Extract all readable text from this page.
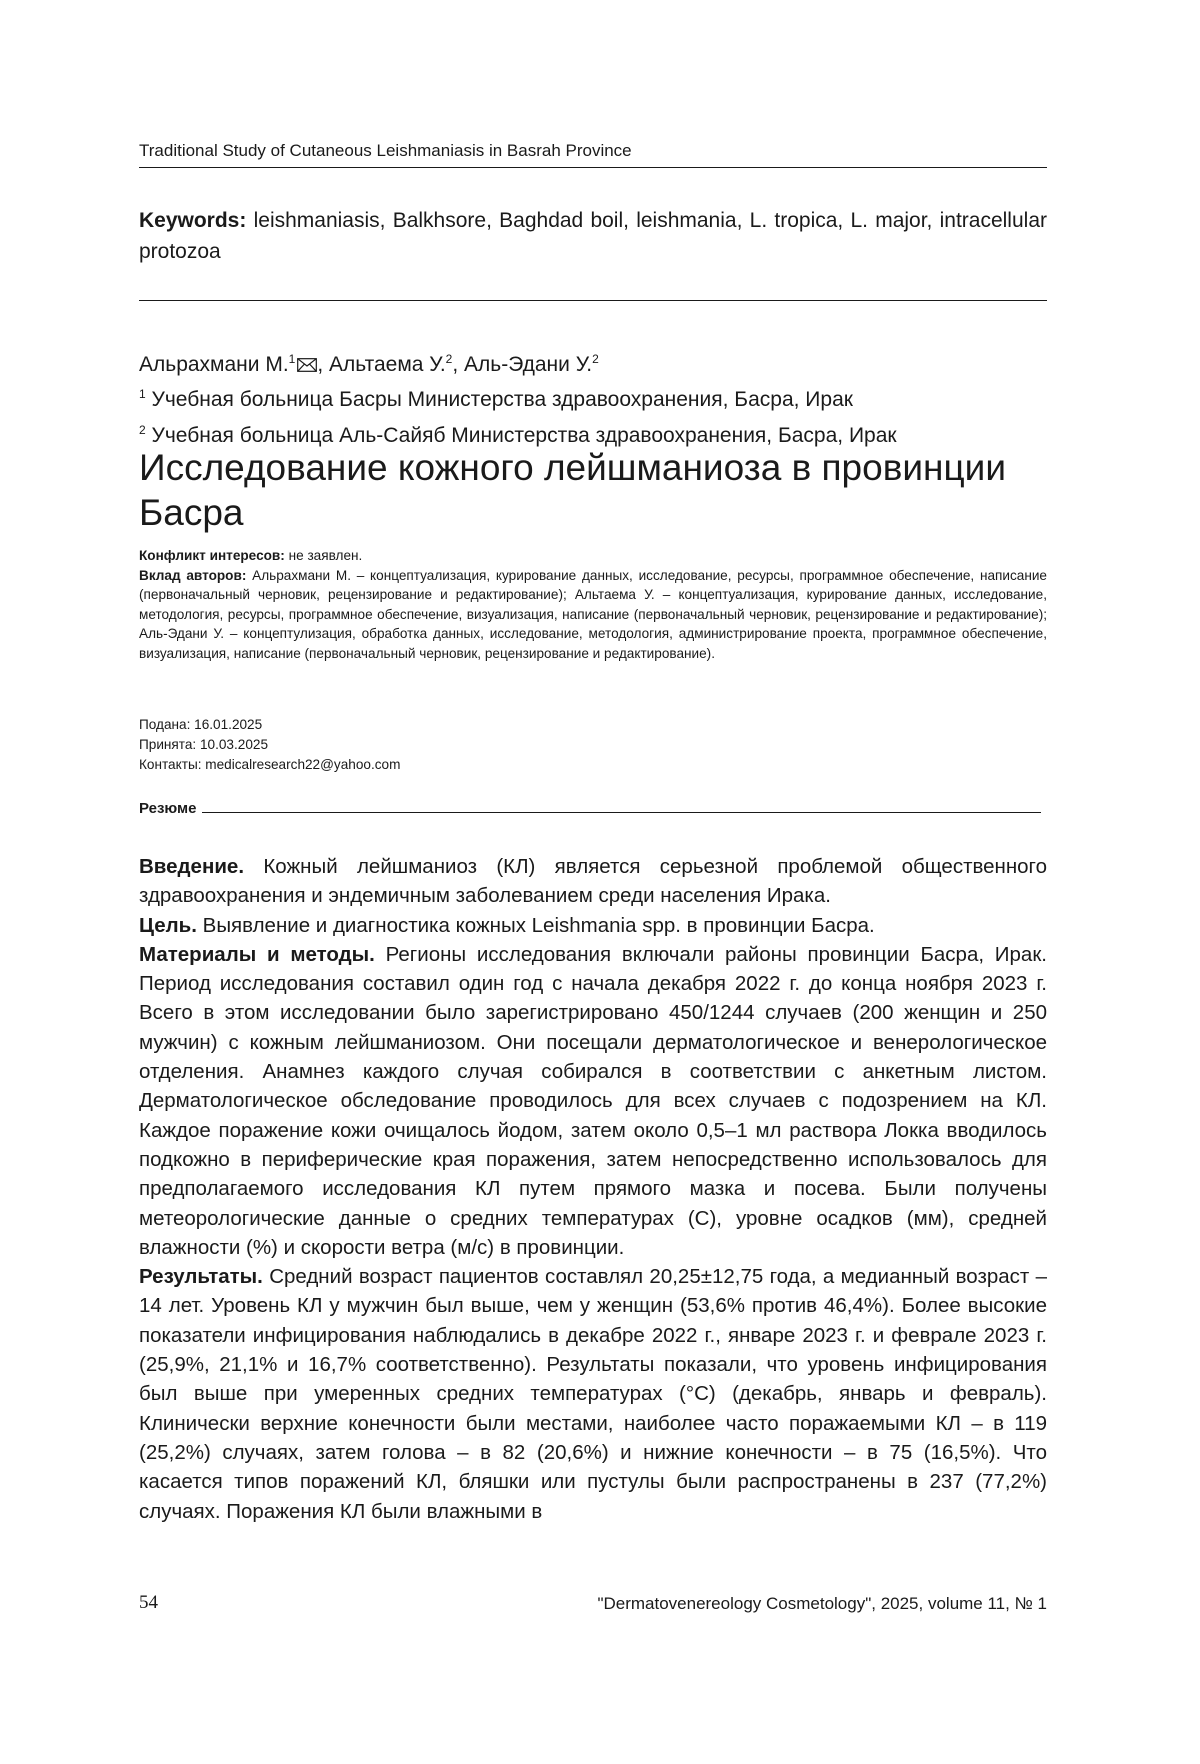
Traditional Study of Cutaneous Leishmaniasis in Basrah Province
Keywords: leishmaniasis, Balkhsore, Baghdad boil, leishmania, L. tropica, L. major, intracellular protozoa
Альрахмани М.$^1$ , Альтаема У.$^2$, Аль-Эдани У.$^2$
$^1$ Учебная больница Басры Министерства здравоохранения, Басра, Ирак
$^2$ Учебная больница Аль-Сайяб Министерства здравоохранения, Басра, Ирак
Исследование кожного лейшманиоза в провинции Басра
Конфликт интересов: не заявлен.
Вклад авторов: Альрахмани М. – концептуализация, курирование данных, исследование, ресурсы, программное обеспечение, написание (первоначальный черновик, рецензирование и редактирование); Альтаема У. – концептуализация, курирование данных, исследование, методология, ресурсы, программное обеспечение, визуализация, написание (первоначальный черновик, рецензирование и редактирование); Аль-Эдани У. – концептулизация, обработка данных, исследование, методология, администрирование проекта, программное обеспечение, визуализация, написание (первоначальный черновик, рецензирование и редактирование).
Подана: 16.01.2025
Принята: 10.03.2025
Контакты: medicalresearch22@yahoo.com
Резюме

Введение. Кожный лейшманиоз (КЛ) является серьезной проблемой общественного здравоохранения и эндемичным заболеванием среди населения Ирака.

Цель. Выявление и диагностика кожных Leishmania spp. в провинции Басра.

Материалы и методы. Регионы исследования включали районы провинции Басра, Ирак. Период исследования составил один год с начала декабря 2022 г. до конца ноября 2023 г. Всего в этом исследовании было зарегистрировано 450/1244 случаев (200 женщин и 250 мужчин) с кожным лейшманиозом. Они посещали дерматологическое и венерологическое отделения. Анамнез каждого случая собирался в соответствии с анкетным листом. Дерматологическое обследование проводилось для всех случаев с подозрением на КЛ. Каждое поражение кожи очищалось йодом, затем около 0,5–1 мл раствора Локка вводилось подкожно в периферические края поражения, затем непосредственно использовалось для предполагаемого исследования КЛ путем прямого мазка и посева. Были получены метеорологические данные о средних температурах (С), уровне осадков (мм), средней влажности (%) и скорости ветра (м/с) в провинции.

Результаты. Средний возраст пациентов составлял 20,25±12,75 года, а медианный возраст – 14 лет. Уровень КЛ у мужчин был выше, чем у женщин (53,6% против 46,4%). Более высокие показатели инфицирования наблюдались в декабре 2022 г., январе 2023 г. и феврале 2023 г. (25,9%, 21,1% и 16,7% соответственно). Результаты показали, что уровень инфицирования был выше при умеренных средних температурах (°С) (декабрь, январь и февраль). Клинически верхние конечности были местами, наиболее часто поражаемыми КЛ – в 119 (25,2%) случаях, затем голова – в 82 (20,6%) и нижние конечности – в 75 (16,5%). Что касается типов поражений КЛ, бляшки или пустулы были распространены в 237 (77,2%) случаях. Поражения КЛ были влажными в

54	"Dermatovenereology Cosmetology", 2025, volume 11, № 1
